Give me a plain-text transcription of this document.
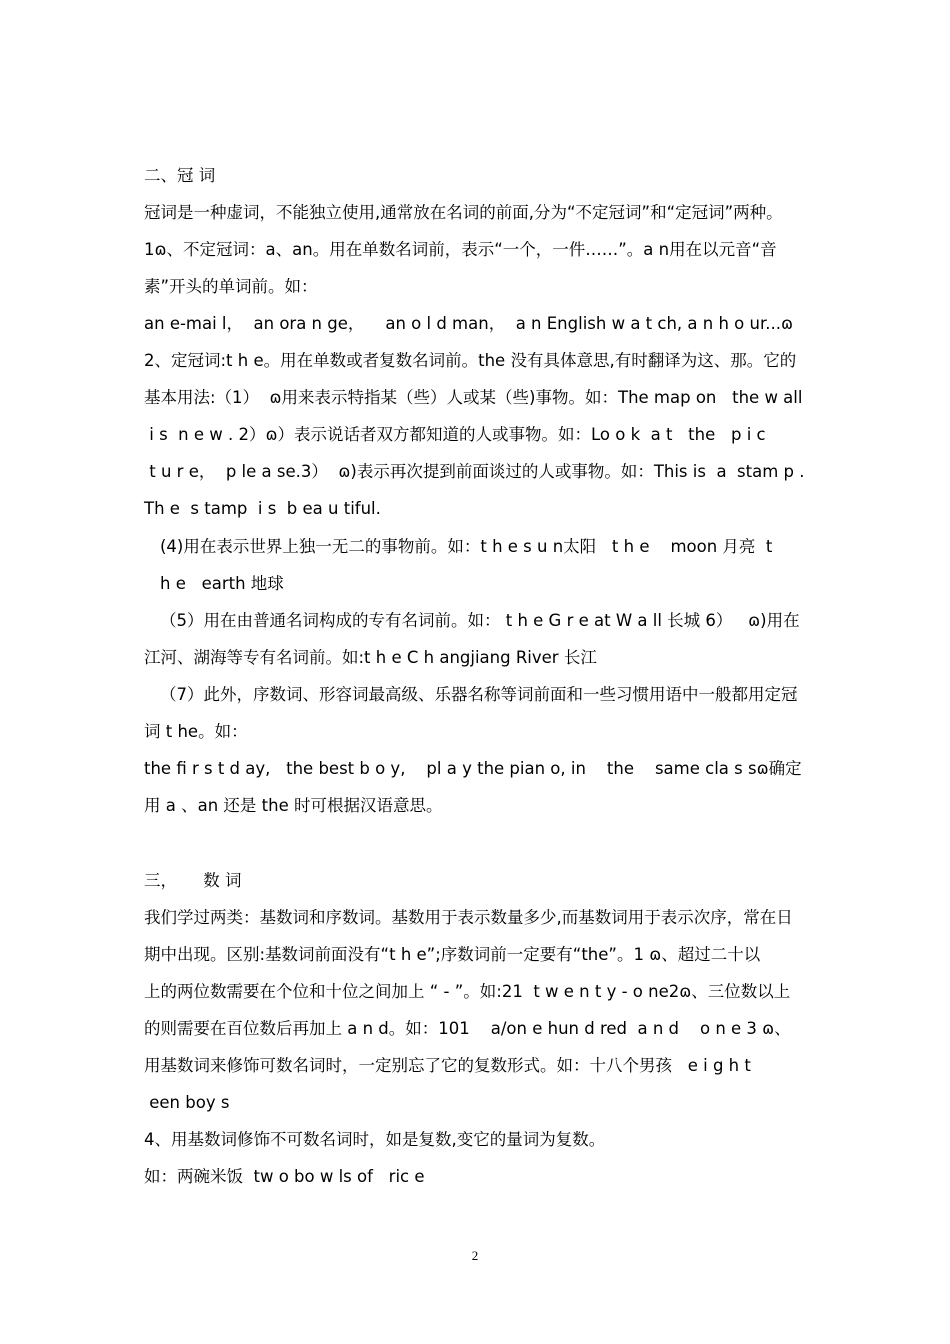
二、冠 词
冠词是一种虚词，不能独立使用,通常放在名词的前面,分为“不定冠词”和“定冠词”两种。
1ɷ、不定冠词：a、an。用在单数名词前，表示“一个，一件……”。a n用在以元音“音
素”开头的单词前。如：
an e-mai l，  an ora n ge，    an o l d man，  a n English w a t ch, a n h o ur...ɷ
2、定冠词:t h e。用在单数或者复数名词前。the 没有具体意思,有时翻译为这、那。它的
基本用法:（1）  ɷ用来表示特指某（些）人或某（些)事物。如：The map on   the w all
i s  n e w . 2）ɷ）表示说话者双方都知道的人或事物。如：Lo o k  a t   the   p i c
t u r e，  p le a se.3）  ɷ)表示再次提到前面谈过的人或事物。如：This is  a  stam p .
Th e  s tamp  i s  b ea u tiful.
(4)用在表示世界上独一无二的事物前。如：t h e s u n太阳   t h e    moon 月亮  t
h e   earth 地球
（5）用在由普通名词构成的专有名词前。如： t h e G r e at W a ll 长城 6）   ɷ)用在
江河、湖海等专有名词前。如:t h e C h angjiang River 长江
（7）此外，序数词、形容词最高级、乐器名称等词前面和一些习惯用语中一般都用定冠
词 t he。如：
the fi r s t d ay,   the best b o y,    pl a y the pian o, in    the    same cla s sɷ确定
用 a 、an 还是 the 时可根据汉语意思。
三，     数 词
我们学过两类：基数词和序数词。基数用于表示数量多少,而基数词用于表示次序，常在日
期中出现。区别:基数词前面没有“t h e”;序数词前一定要有“the”。1 ɷ、超过二十以
上的两位数需要在个位和十位之间加上 “ - ”。如:21  t w e n t y - o ne2ɷ、三位数以上
的则需要在百位数后再加上 a n d。如：101    a/on e hun d red  a n d    o n e 3 ɷ、
用基数词来修饰可数名词时，一定别忘了它的复数形式。如：十八个男孩   e i g h t
een boy s
4、用基数词修饰不可数名词时，如是复数,变它的量词为复数。
如：两碗米饭  tw o bo w ls of   ric e
2
